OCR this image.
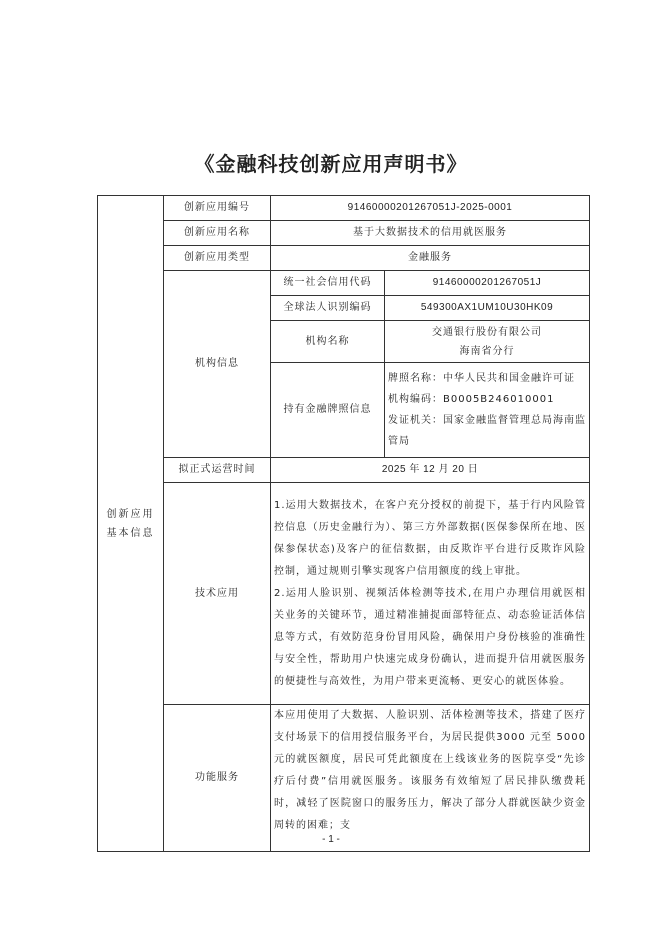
《金融科技创新应用声明书》
创新应用基本信息	创新应用编号	91460000201267051J-2025-0001	
	创新应用名称	基于大数据技术的信用就医服务	
	创新应用类型	金融服务	
	机构信息	统一社会信用代码	91460000201267051J
		全球法人识别编码	549300AX1UM10U30HK09
		机构名称	交通银行股份有限公司
海南省分行

		持有金融牌照信息	牌照名称：中华人民共和国金融许可证
机构编码：B0005B246010001
发证机关：国家金融监督管理总局海南监管局

	拟正式运营时间	2025 年 12 月 20 日	
	技术应用	1.运用大数据技术，在客户充分授权的前提下，基于行内风险管控信息（历史金融行为）、第三方外部数据(医保参保所在地、医保参保状态)及客户的征信数据，由反欺诈平台进行反欺诈风险控制，通过规则引擎实现客户信用额度的线上审批。
2.运用人脸识别、视频活体检测等技术,在用户办理信用就医相关业务的关键环节，通过精准捕捉面部特征点、动态验证活体信息等方式，有效防范身份冒用风险，确保用户身份核验的准确性与安全性，帮助用户快速完成身份确认，进而提升信用就医服务的便捷性与高效性，为用户带来更流畅、更安心的就医体验。	

	功能服务	本应用使用了大数据、人脸识别、活体检测等技术，搭建了医疗支付场景下的信用授信服务平台，为居民提供3000 元至 5000 元的就医额度，居民可凭此额度在上线该业务的医院享受“先诊疗后付费”信用就医服务。该服务有效缩短了居民排队缴费耗时，减轻了医院窗口的服务压力，解决了部分人群就医缺少资金周转的困难；支	
- 1 -
